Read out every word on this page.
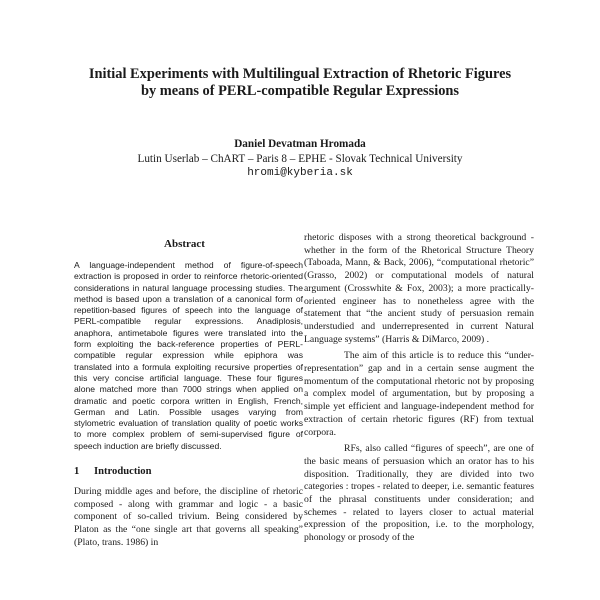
Initial Experiments with Multilingual Extraction of Rhetoric Figures
by means of PERL-compatible Regular Expressions
Daniel Devatman Hromada
Lutin Userlab – ChART – Paris 8 – EPHE - Slovak Technical University
hromi@kyberia.sk
Abstract
A language-independent method of figure-of-speech extraction is proposed in order to reinforce rhetoric-oriented considerations in natural language processing studies. The method is based upon a translation of a canonical form of repetition-based figures of speech into the language of PERL-compatible regular expressions. Anadiplosis, anaphora, antimetabole figures were translated into the form exploiting the back-reference properties of PERL-compatible regular expression while epiphora was translated into a formula exploiting recursive properties of this very concise artificial language. These four figures alone matched more than 7000 strings when applied on dramatic and poetic corpora written in English, French, German and Latin. Possible usages varying from stylometric evaluation of translation quality of poetic works to more complex problem of semi-supervised figure of speech induction are briefly discussed.
1 Introduction
During middle ages and before, the discipline of rhetoric composed - along with grammar and logic - a basic component of so-called trivium. Being considered by Platon as the “one single art that governs all speaking” (Plato, trans. 1986) in

rhetoric disposes with a strong theoretical background - whether in the form of the Rhetorical Structure Theory (Taboada, Mann, & Back, 2006), “computational rhetoric” (Grasso, 2002) or computational models of natural argument (Crosswhite & Fox, 2003); a more practically-oriented engineer has to nonetheless agree with the statement that “the ancient study of persuasion remain understudied and underrepresented in current Natural Language systems” (Harris & DiMarco, 2009) .

The aim of this article is to reduce this “under-representation” gap and in a certain sense augment the momentum of the computational rhetoric not by proposing a complex model of argumentation, but by proposing a simple yet efficient and language-independent method for extraction of certain rhetoric figures (RF) from textual corpora.

RFs, also called “figures of speech”, are one of the basic means of persuasion which an orator has to his disposition. Traditionally, they are divided into two categories : tropes - related to deeper, i.e. semantic features of the phrasal constituents under consideration; and schemes - related to layers closer to actual material expression of the proposition, i.e. to the morphology, phonology or prosody of the
